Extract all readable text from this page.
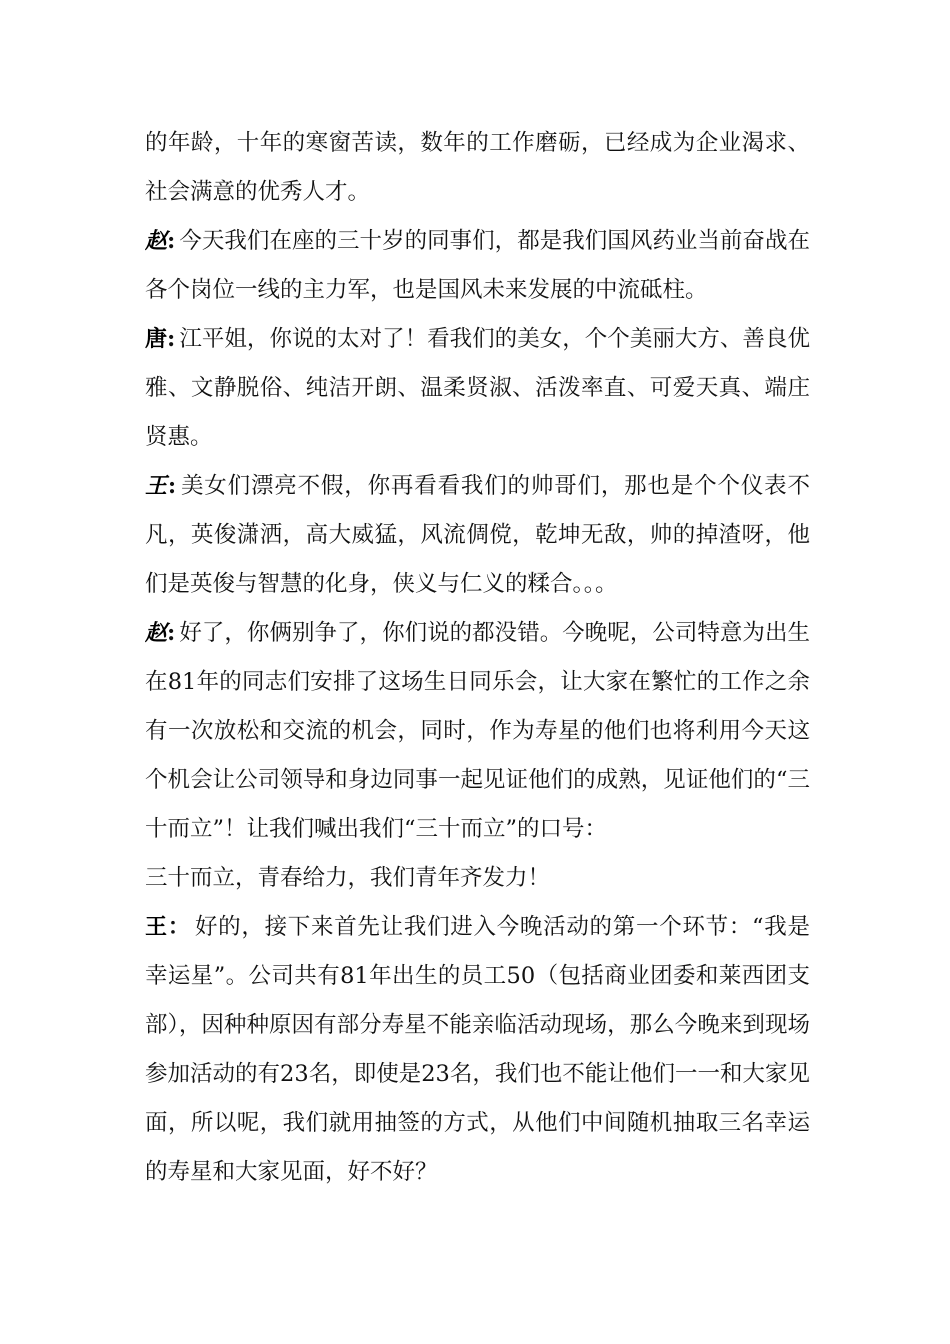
的年龄，十年的寒窗苦读，数年的工作磨砺，已经成为企业渴求、社会满意的优秀人才。

赵: 今天我们在座的三十岁的同事们，都是我们国风药业当前奋战在各个岗位一线的主力军，也是国风未来发展的中流砥柱。

唐: 江平姐，你说的太对了！看我们的美女，个个美丽大方、善良优雅、文静脱俗、纯洁开朗、温柔贤淑、活泼率直、可爱天真、端庄贤惠。

王: 美女们漂亮不假，你再看看我们的帅哥们，那也是个个仪表不凡，英俊潇洒，高大威猛，风流倜傥，乾坤无敌，帅的掉渣呀，他们是英俊与智慧的化身，侠义与仁义的糅合。。。

赵: 好了，你俩别争了，你们说的都没错。今晚呢，公司特意为出生在81年的同志们安排了这场生日同乐会，让大家在繁忙的工作之余有一次放松和交流的机会，同时，作为寿星的他们也将利用今天这个机会让公司领导和身边同事一起见证他们的成熟，见证他们的“三十而立”！让我们喊出我们“三十而立”的口号：

三十而立，青春给力，我们青年齐发力！

王： 好的，接下来首先让我们进入今晚活动的第一个环节：“我是幸运星”。公司共有81年出生的员工50（包括商业团委和莱西团支部），因种种原因有部分寿星不能亲临活动现场，那么今晚来到现场参加活动的有23名，即使是23名，我们也不能让他们一一和大家见面，所以呢，我们就用抽签的方式，从他们中间随机抽取三名幸运的寿星和大家见面，好不好？
